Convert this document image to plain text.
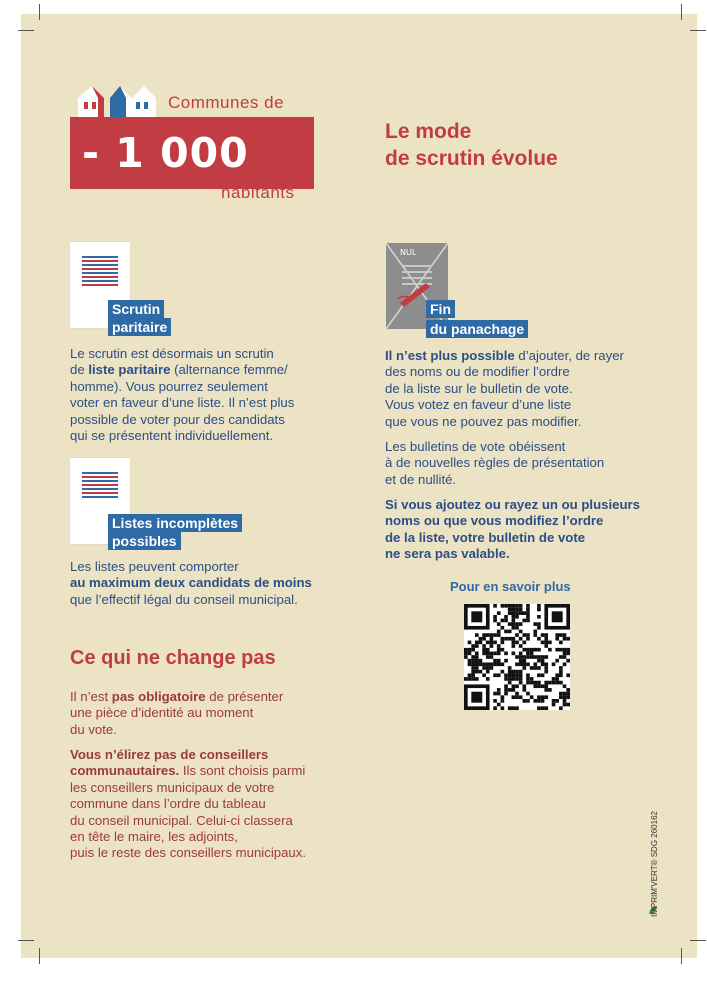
Communes de
- 1 000
habitants
Le mode
de scrutin évolue
Scrutin
paritaire

Le scrutin est désormais un scrutin

de liste paritaire (alternance femme/

homme). Vous pourrez seulement

voter en faveur d’une liste. Il n’est plus

possible de voter pour des candidats

qui se présentent individuellement.

Listes incomplètes
possibles

Les listes peuvent comporter

au maximum deux candidats de moins

que l’effectif légal du conseil municipal.

Ce qui ne change pas

Il n’est pas obligatoire de présenter

une pièce d’identité au moment

du vote.

Vous n’élirez pas de conseillers

communautaires. Ils sont choisis parmi

les conseillers municipaux de votre

commune dans l’ordre du tableau

du conseil municipal. Celui-ci classera

en tête le maire, les adjoints,

puis le reste des conseillers municipaux.

NUL
Fin
du panachage

Il n’est plus possible d’ajouter, de rayer

des noms ou de modifier l’ordre

de la liste sur le bulletin de vote.

Vous votez en faveur d’une liste

que vous ne pouvez pas modifier.

Les bulletins de vote obéissent

à de nouvelles règles de présentation

et de nullité.

Si vous ajoutez ou rayez un ou plusieurs

noms ou que vous modifiez l’ordre

de la liste, votre bulletin de vote

ne sera pas valable.

Pour en savoir plus
IMPRIM'VERT® SDG 260162
